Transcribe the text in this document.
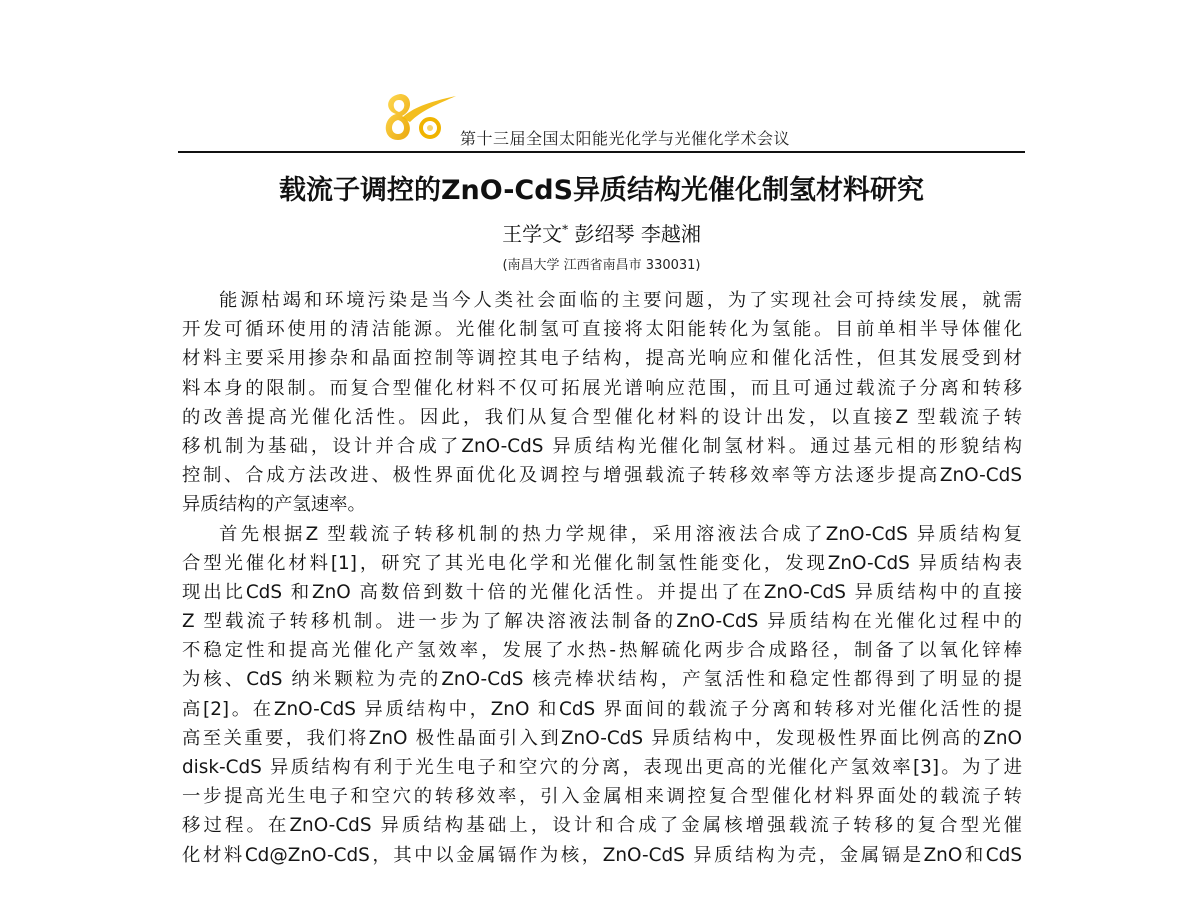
第十三届全国太阳能光化学与光催化学术会议
载流子调控的ZnO-CdS异质结构光催化制氢材料研究
王学文* 彭绍琴 李越湘
(南昌大学 江西省南昌市 330031)
能源枯竭和环境污染是当今人类社会面临的主要问题，为了实现社会可持续发展，就需
开发可循环使用的清洁能源。光催化制氢可直接将太阳能转化为氢能。目前单相半导体催化
材料主要采用掺杂和晶面控制等调控其电子结构，提高光响应和催化活性，但其发展受到材
料本身的限制。而复合型催化材料不仅可拓展光谱响应范围，而且可通过载流子分离和转移
的改善提高光催化活性。因此，我们从复合型催化材料的设计出发，以直接Z 型载流子转
移机制为基础，设计并合成了ZnO-CdS 异质结构光催化制氢材料。通过基元相的形貌结构
控制、合成方法改进、极性界面优化及调控与增强载流子转移效率等方法逐步提高ZnO-CdS
异质结构的产氢速率。
首先根据Z 型载流子转移机制的热力学规律，采用溶液法合成了ZnO-CdS 异质结构复
合型光催化材料[1]，研究了其光电化学和光催化制氢性能变化，发现ZnO-CdS 异质结构表
现出比CdS 和ZnO 高数倍到数十倍的光催化活性。并提出了在ZnO-CdS 异质结构中的直接
Z 型载流子转移机制。进一步为了解决溶液法制备的ZnO-CdS 异质结构在光催化过程中的
不稳定性和提高光催化产氢效率，发展了水热-热解硫化两步合成路径，制备了以氧化锌棒
为核、CdS 纳米颗粒为壳的ZnO-CdS 核壳棒状结构，产氢活性和稳定性都得到了明显的提
高[2]。在ZnO-CdS 异质结构中，ZnO 和CdS 界面间的载流子分离和转移对光催化活性的提
高至关重要，我们将ZnO 极性晶面引入到ZnO-CdS 异质结构中，发现极性界面比例高的ZnO
disk-CdS 异质结构有利于光生电子和空穴的分离，表现出更高的光催化产氢效率[3]。为了进
一步提高光生电子和空穴的转移效率，引入金属相来调控复合型催化材料界面处的载流子转
移过程。在ZnO-CdS 异质结构基础上，设计和合成了金属核增强载流子转移的复合型光催
化材料Cd@ZnO-CdS，其中以金属镉作为核，ZnO-CdS 异质结构为壳，金属镉是ZnO和CdS
